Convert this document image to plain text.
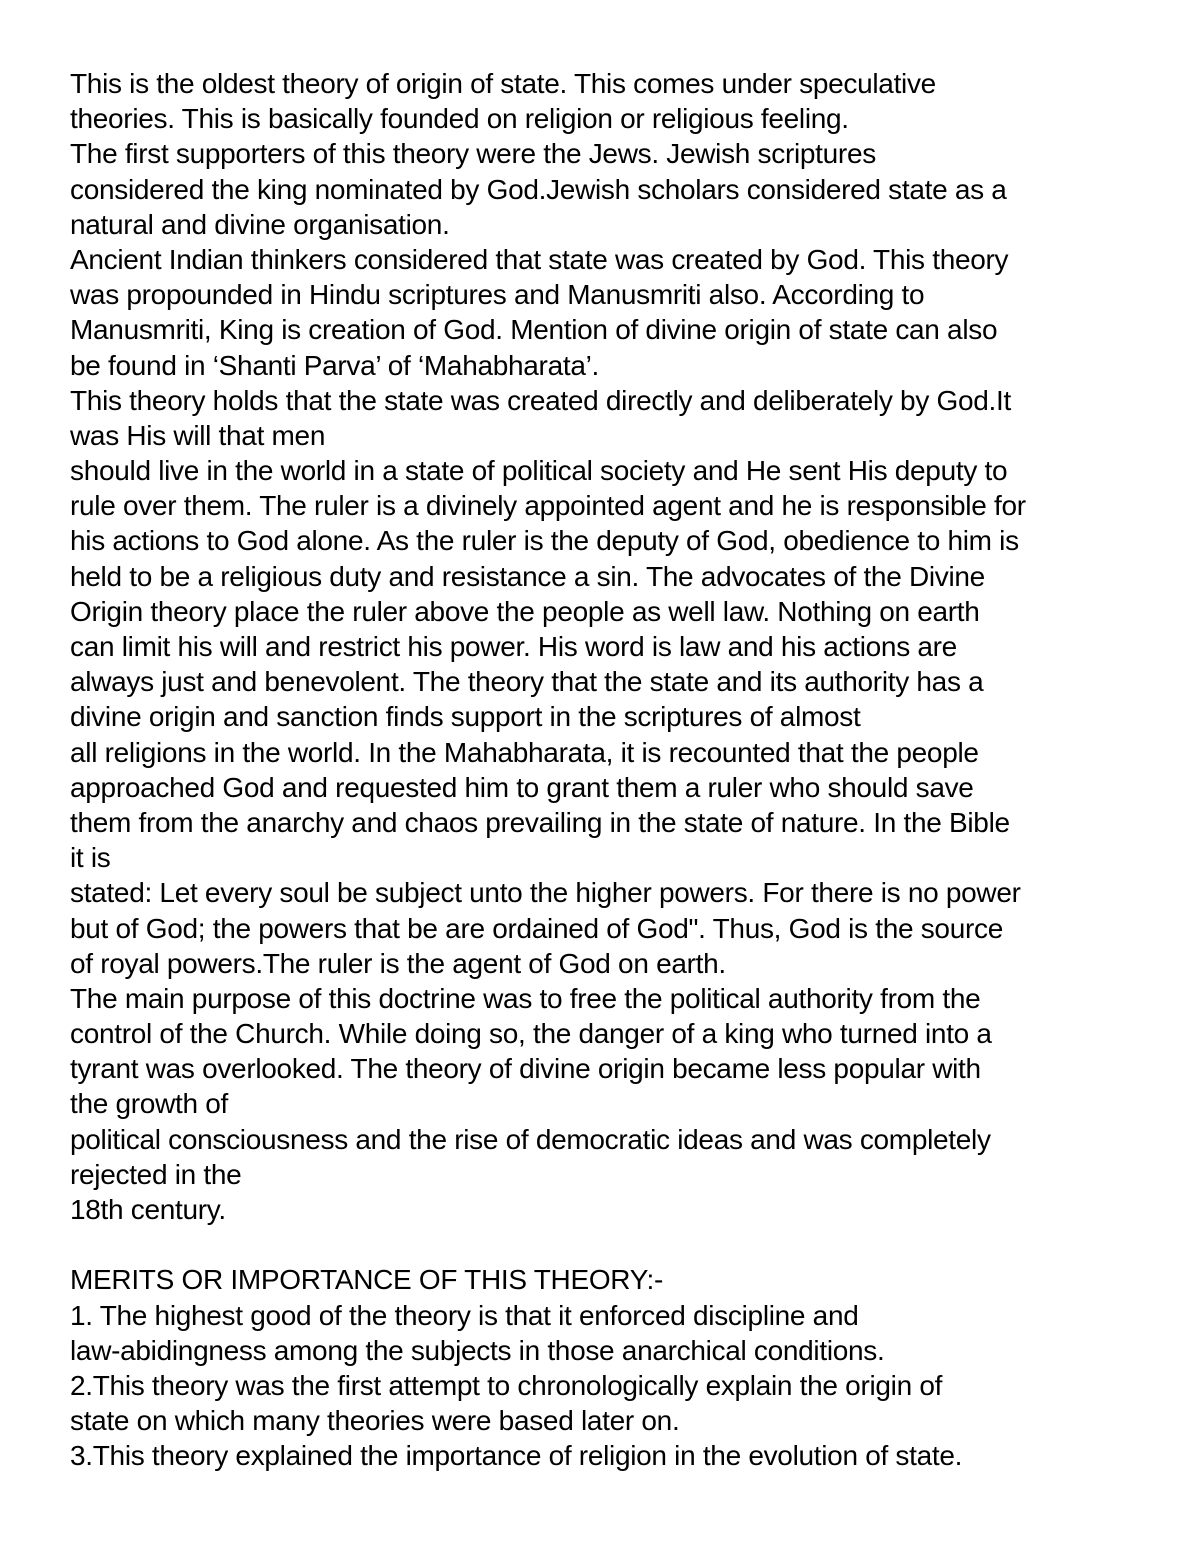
This is the oldest theory of origin of state. This comes under speculative
theories. This is basically founded on religion or religious feeling.
The first supporters of this theory were the Jews. Jewish scriptures
considered the king nominated by God.Jewish scholars considered state as a
natural and divine organisation.
Ancient Indian thinkers considered that state was created by God. This theory
was propounded in Hindu scriptures and Manusmriti also. According to
Manusmriti, King is creation of God. Mention of divine origin of state can also
be found in ‘Shanti Parva’ of ‘Mahabharata’.
This theory holds that the state was created directly and deliberately by God.It
was His will that men
should live in the world in a state of political society and He sent His deputy to
rule over them. The ruler is a divinely appointed agent and he is responsible for
his actions to God alone. As the ruler is the deputy of God, obedience to him is
held to be a religious duty and resistance a sin. The advocates of the Divine
Origin theory place the ruler above the people as well law. Nothing on earth
can limit his will and restrict his power. His word is law and his actions are
always just and benevolent. The theory that the state and its authority has a
divine origin and sanction finds support in the scriptures of almost
all religions in the world. In the Mahabharata, it is recounted that the people
approached God and requested him to grant them a ruler who should save
them from the anarchy and chaos prevailing in the state of nature. In the Bible
it is
stated: Let every soul be subject unto the higher powers. For there is no power
but of God; the powers that be are ordained of God". Thus, God is the source
of royal powers.The ruler is the agent of God on earth.
The main purpose of this doctrine was to free the political authority from the
control of the Church. While doing so, the danger of a king who turned into a
tyrant was overlooked. The theory of divine origin became less popular with
the growth of
political consciousness and the rise of democratic ideas and was completely
rejected in the
18th century.
MERITS OR IMPORTANCE OF THIS THEORY:-
1. The highest good of the theory is that it enforced discipline and
law-abidingness among the subjects in those anarchical conditions.
2.This theory was the first attempt to chronologically explain the origin of
state on which many theories were based later on.
3.This theory explained the importance of religion in the evolution of state.
